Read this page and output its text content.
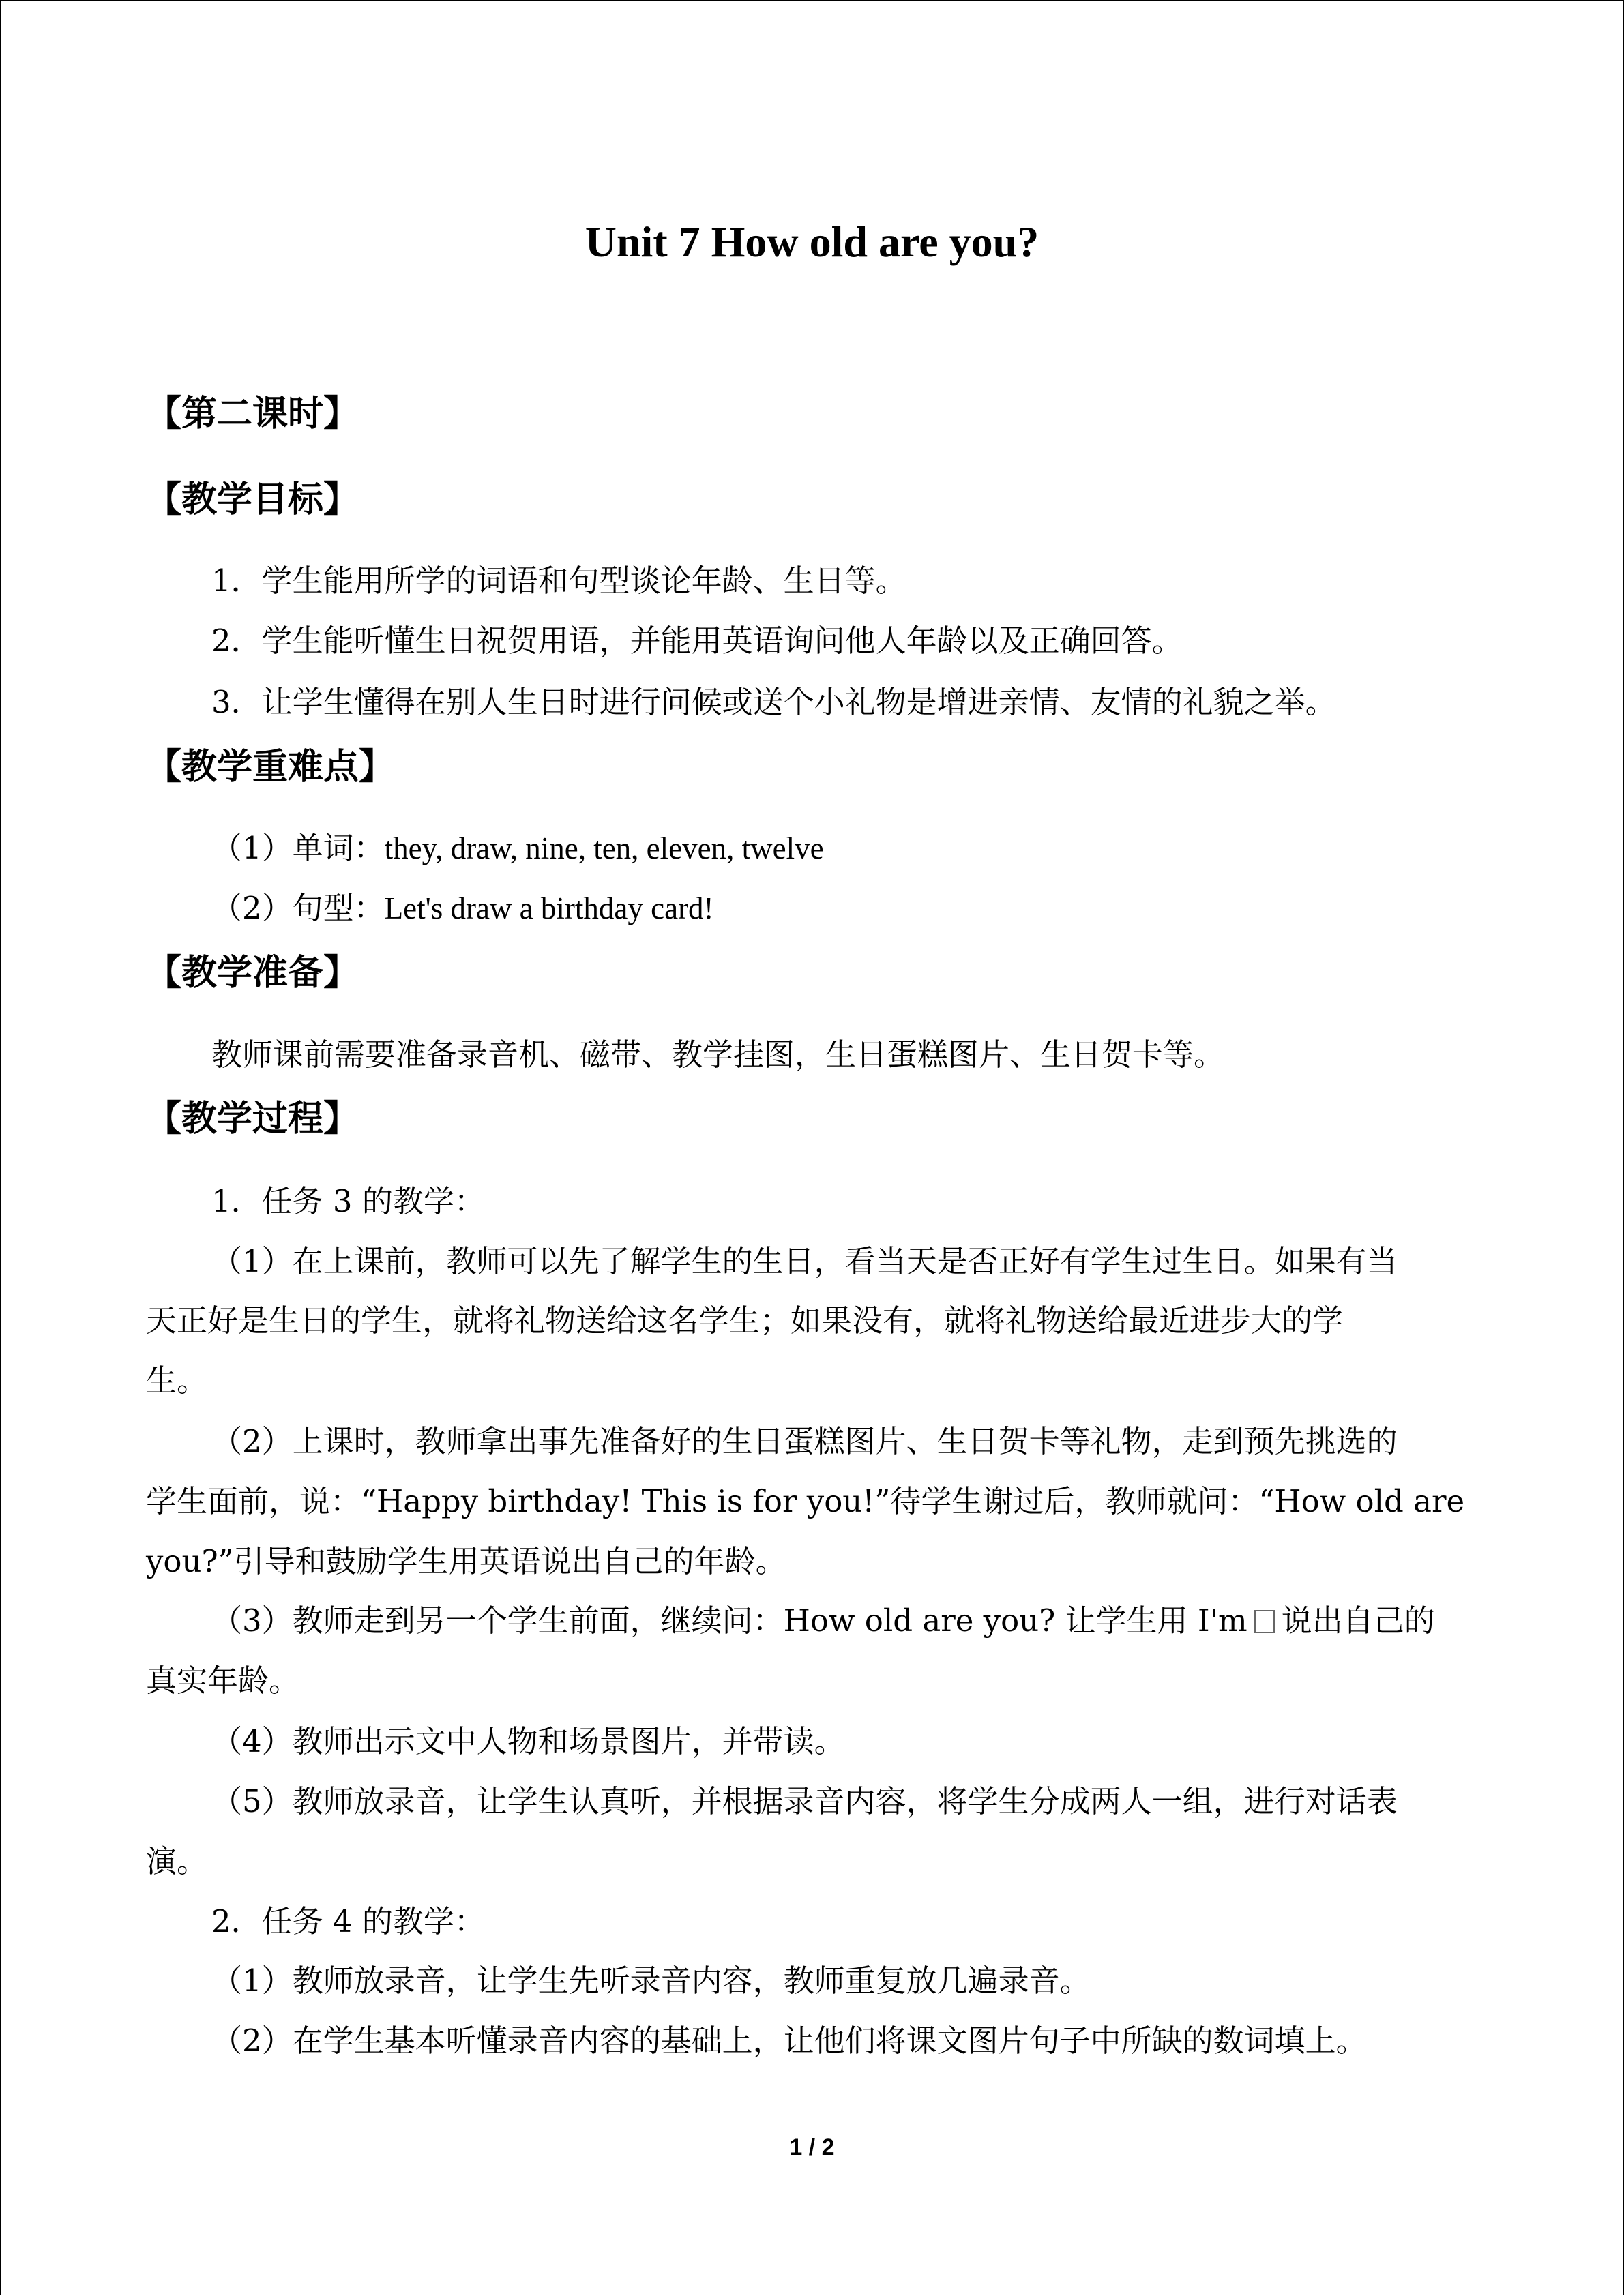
Unit 7 How old are you?
【第二课时】
【教学目标】
1．学生能用所学的词语和句型谈论年龄、生日等。
2．学生能听懂生日祝贺用语，并能用英语询问他人年龄以及正确回答。
3．让学生懂得在别人生日时进行问候或送个小礼物是增进亲情、友情的礼貌之举。
【教学重难点】
（1）单词：they, draw, nine, ten, eleven, twelve
（2）句型：Let's draw a birthday card!
【教学准备】
教师课前需要准备录音机、磁带、教学挂图，生日蛋糕图片、生日贺卡等。
【教学过程】
1．任务 3 的教学：
（1）在上课前，教师可以先了解学生的生日，看当天是否正好有学生过生日。如果有当
天正好是生日的学生，就将礼物送给这名学生；如果没有，就将礼物送给最近进步大的学
生。
（2）上课时，教师拿出事先准备好的生日蛋糕图片、生日贺卡等礼物，走到预先挑选的
学生面前，说：“Happy birthday! This is for you!”待学生谢过后，教师就问：“How old are
you?”引导和鼓励学生用英语说出自己的年龄。
（3）教师走到另一个学生前面，继续问：How old are you? 让学生用 I'm 说出自己的
真实年龄。
（4）教师出示文中人物和场景图片，并带读。
（5）教师放录音，让学生认真听，并根据录音内容，将学生分成两人一组，进行对话表
演。
2．任务 4 的教学：
（1）教师放录音，让学生先听录音内容，教师重复放几遍录音。
（2）在学生基本听懂录音内容的基础上，让他们将课文图片句子中所缺的数词填上。
1 / 2
